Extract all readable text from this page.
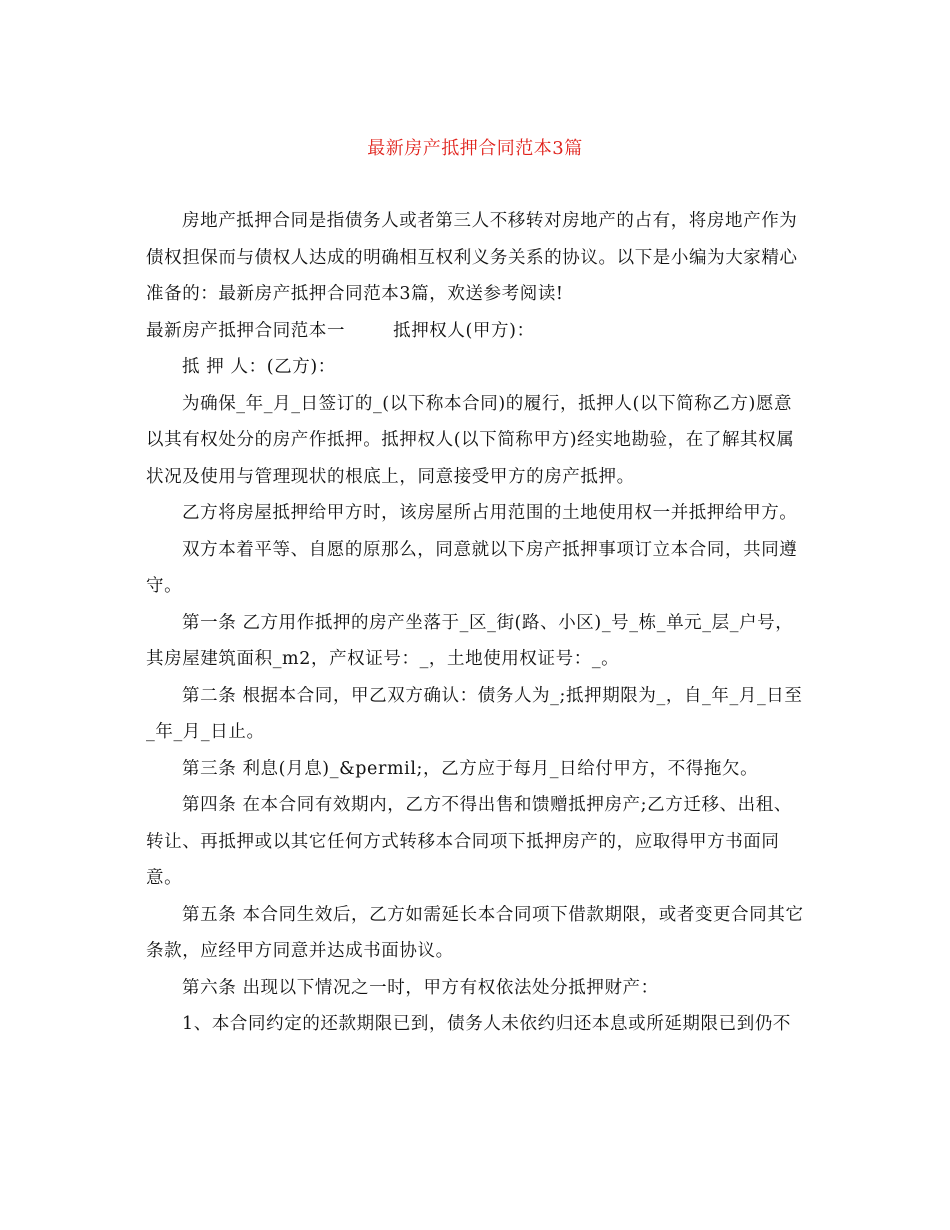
最新房产抵押合同范本3篇

房地产抵押合同是指债务人或者第三人不移转对房地产的占有，将房地产作为债权担保而与债权人达成的明确相互权利义务关系的协议。以下是小编为大家精心准备的：最新房产抵押合同范本3篇，欢送参考阅读!

最新房产抵押合同范本一	抵押权人(甲方)：

抵 押 人：(乙方)：

为确保_年_月_日签订的_(以下称本合同)的履行，抵押人(以下简称乙方)愿意以其有权处分的房产作抵押。抵押权人(以下简称甲方)经实地勘验，在了解其权属状况及使用与管理现状的根底上，同意接受甲方的房产抵押。

乙方将房屋抵押给甲方时，该房屋所占用范围的土地使用权一并抵押给甲方。

双方本着平等、自愿的原那么，同意就以下房产抵押事项订立本合同，共同遵守。

第一条 乙方用作抵押的房产坐落于_区_街(路、小区)_号_栋_单元_层_户号，其房屋建筑面积_m2，产权证号：_，土地使用权证号：_。

第二条 根据本合同，甲乙双方确认：债务人为_;抵押期限为_，自_年_月_日至_年_月_日止。

第三条 利息(月息)_&permil;，乙方应于每月_日给付甲方，不得拖欠。

第四条 在本合同有效期内，乙方不得出售和馈赠抵押房产;乙方迁移、出租、转让、再抵押或以其它任何方式转移本合同项下抵押房产的，应取得甲方书面同意。

第五条 本合同生效后，乙方如需延长本合同项下借款期限，或者变更合同其它条款，应经甲方同意并达成书面协议。

第六条 出现以下情况之一时，甲方有权依法处分抵押财产：

1、本合同约定的还款期限已到，债务人未依约归还本息或所延期限已到仍不
